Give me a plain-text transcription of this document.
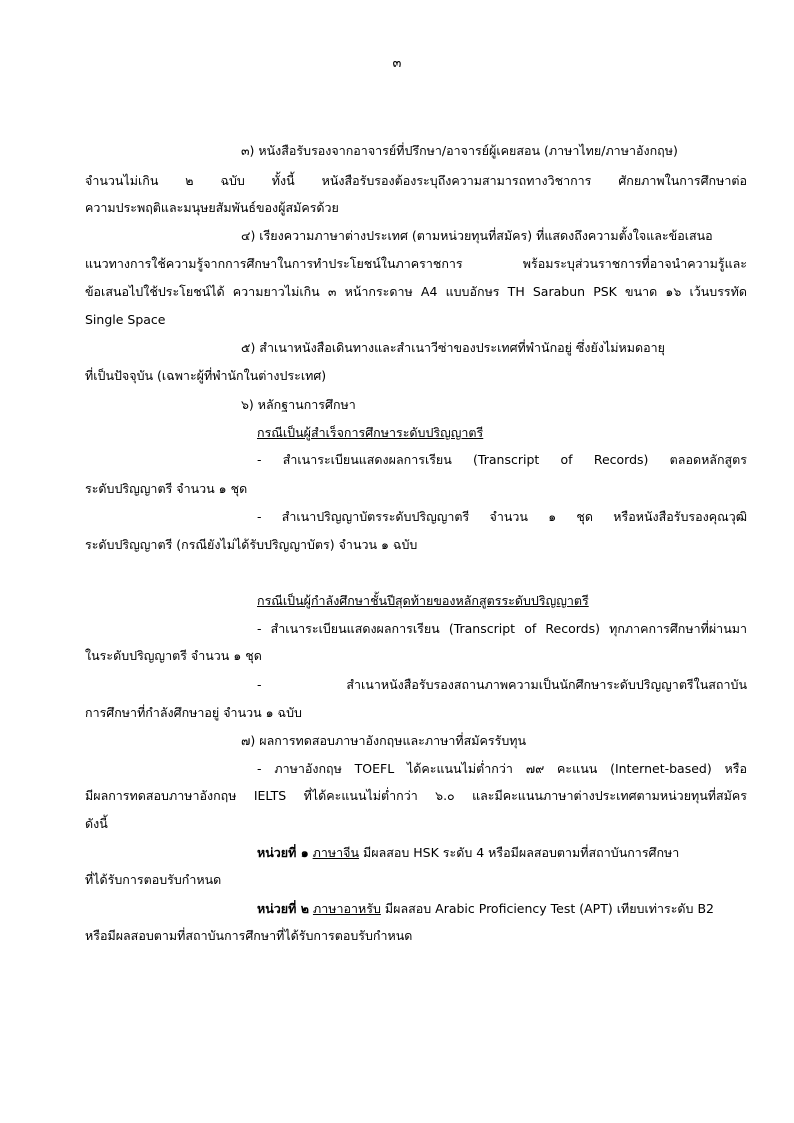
๓

๓) หนังสือรับรองจากอาจารย์ที่ปรึกษา/อาจารย์ผู้เคยสอน (ภาษาไทย/ภาษาอังกฤษ)

จำนวนไม่เกิน ๒ ฉบับ ทั้งนี้ หนังสือรับรองต้องระบุถึงความสามารถทางวิชาการ ศักยภาพในการศึกษาต่อ

ความประพฤติและมนุษยสัมพันธ์ของผู้สมัครด้วย

๔) เรียงความภาษาต่างประเทศ (ตามหน่วยทุนที่สมัคร) ที่แสดงถึงความตั้งใจและข้อเสนอ

แนวทางการใช้ความรู้จากการศึกษาในการทำประโยชน์ในภาคราชการ พร้อมระบุส่วนราชการที่อาจนำความรู้และ

ข้อเสนอไปใช้ประโยชน์ได้ ความยาวไม่เกิน ๓ หน้ากระดาษ A4 แบบอักษร TH Sarabun PSK ขนาด ๑๖ เว้นบรรทัด

Single Space

๕) สำเนาหนังสือเดินทางและสำเนาวีซ่าของประเทศที่พำนักอยู่ ซึ่งยังไม่หมดอายุ

ที่เป็นปัจจุบัน (เฉพาะผู้ที่พำนักในต่างประเทศ)

๖) หลักฐานการศึกษา

กรณีเป็นผู้สำเร็จการศึกษาระดับปริญญาตรี

- สำเนาระเบียนแสดงผลการเรียน (Transcript of Records) ตลอดหลักสูตร

ระดับปริญญาตรี จำนวน ๑ ชุด

- สำเนาปริญญาบัตรระดับปริญญาตรี จำนวน ๑ ชุด หรือหนังสือรับรองคุณวุฒิ

ระดับปริญญาตรี (กรณียังไม่ได้รับปริญญาบัตร) จำนวน ๑ ฉบับ

กรณีเป็นผู้กำลังศึกษาชั้นปีสุดท้ายของหลักสูตรระดับปริญญาตรี

- สำเนาระเบียนแสดงผลการเรียน (Transcript of Records) ทุกภาคการศึกษาที่ผ่านมา

ในระดับปริญญาตรี จำนวน ๑ ชุด

- สำเนาหนังสือรับรองสถานภาพความเป็นนักศึกษาระดับปริญญาตรีในสถาบัน

การศึกษาที่กำลังศึกษาอยู่ จำนวน ๑ ฉบับ

๗) ผลการทดสอบภาษาอังกฤษและภาษาที่สมัครรับทุน

- ภาษาอังกฤษ TOEFL ได้คะแนนไม่ต่ำกว่า ๗๙ คะแนน (Internet-based) หรือ

มีผลการทดสอบภาษาอังกฤษ IELTS ที่ได้คะแนนไม่ต่ำกว่า ๖.๐ และมีคะแนนภาษาต่างประเทศตามหน่วยทุนที่สมัคร

ดังนี้

หน่วยที่ ๑ ภาษาจีน มีผลสอบ HSK ระดับ 4 หรือมีผลสอบตามที่สถาบันการศึกษา

ที่ได้รับการตอบรับกำหนด

หน่วยที่ ๒ ภาษาอาหรับ มีผลสอบ Arabic Proficiency Test (APT) เทียบเท่าระดับ B2

หรือมีผลสอบตามที่สถาบันการศึกษาที่ได้รับการตอบรับกำหนด
